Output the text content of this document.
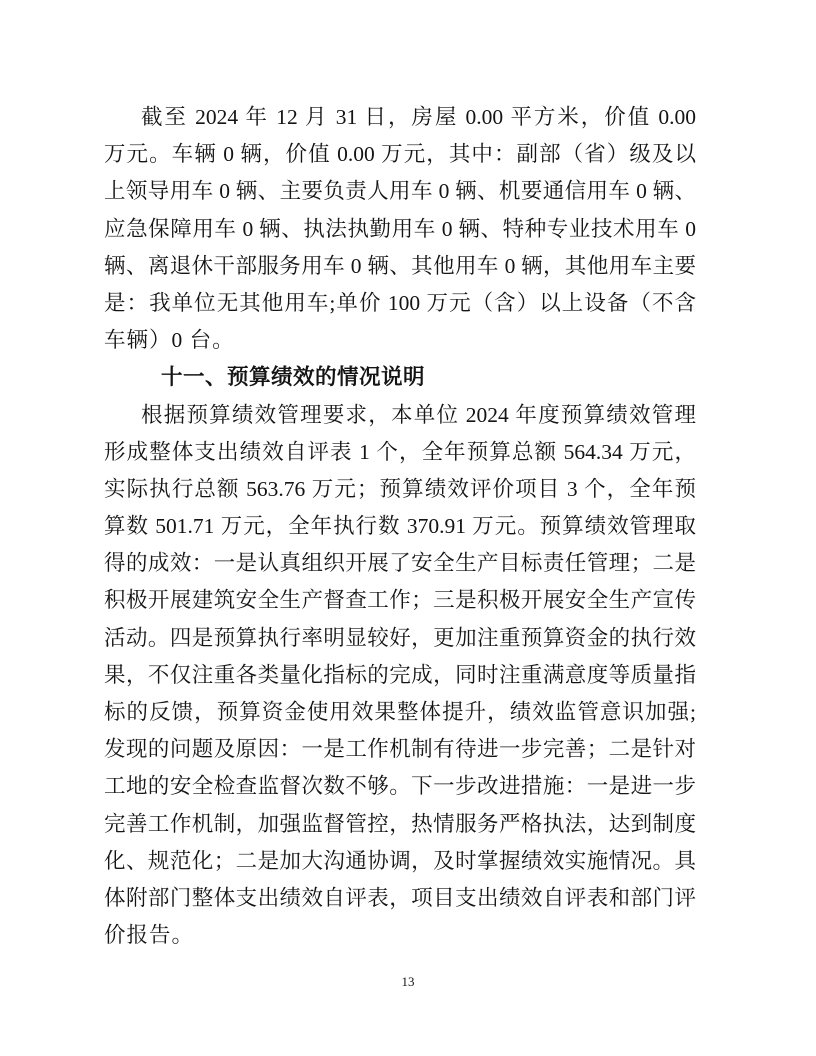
截至 2024 年 12 月 31 日，房屋 0.00 平方米，价值 0.00
万元。车辆 0 辆，价值 0.00 万元，其中：副部（省）级及以
上领导用车 0 辆、主要负责人用车 0 辆、机要通信用车 0 辆、
应急保障用车 0 辆、执法执勤用车 0 辆、特种专业技术用车 0
辆、离退休干部服务用车 0 辆、其他用车 0 辆，其他用车主要
是：我单位无其他用车;单价 100 万元（含）以上设备（不含
车辆）0 台。
十一、预算绩效的情况说明
根据预算绩效管理要求，本单位 2024 年度预算绩效管理
形成整体支出绩效自评表 1 个，全年预算总额 564.34 万元，
实际执行总额 563.76 万元；预算绩效评价项目 3 个，全年预
算数 501.71 万元，全年执行数 370.91 万元。预算绩效管理取
得的成效：一是认真组织开展了安全生产目标责任管理；二是
积极开展建筑安全生产督查工作；三是积极开展安全生产宣传
活动。四是预算执行率明显较好，更加注重预算资金的执行效
果，不仅注重各类量化指标的完成，同时注重满意度等质量指
标的反馈，预算资金使用效果整体提升，绩效监管意识加强;
发现的问题及原因：一是工作机制有待进一步完善；二是针对
工地的安全检查监督次数不够。下一步改进措施：一是进一步
完善工作机制，加强监督管控，热情服务严格执法，达到制度
化、规范化；二是加大沟通协调，及时掌握绩效实施情况。具
体附部门整体支出绩效自评表，项目支出绩效自评表和部门评
价报告。
13
